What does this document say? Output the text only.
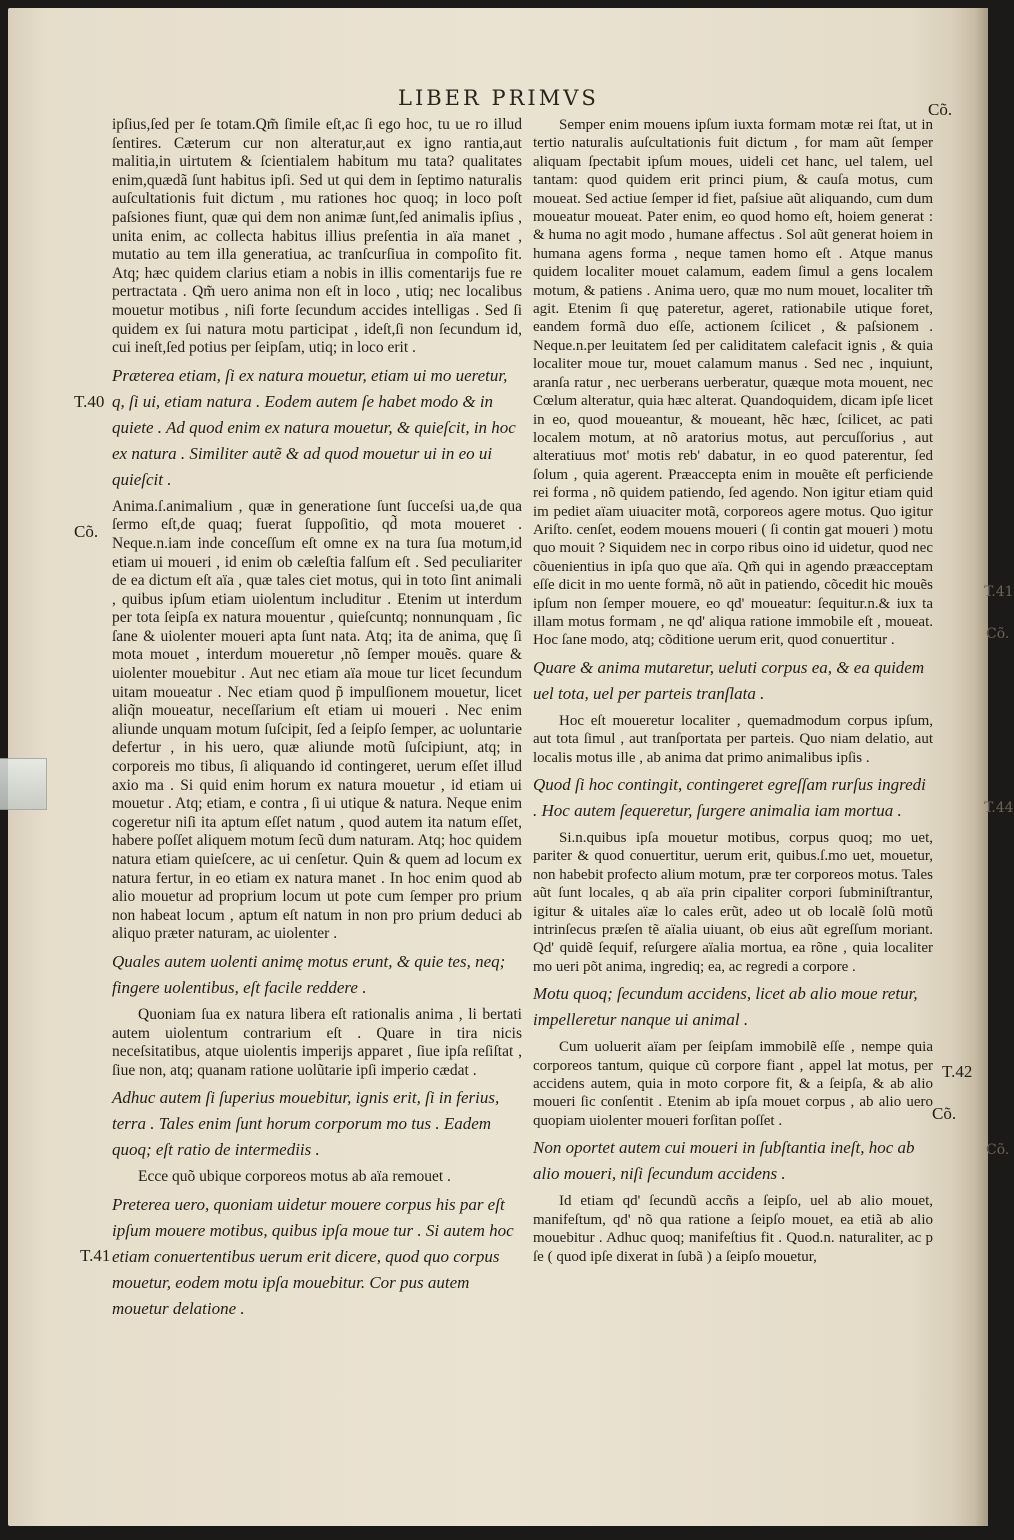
T.41
Cõ.
T.44
Cõ.
LIBER PRIMVS	Cõ.
T.40
Cõ.
T.41
T.42
Cõ.

ipſius,ſed per ſe totam.Qm̃ ſimile eſt,ac ſi ego hoc, tu ue ro illud ſentires. Cæterum cur non alteratur,aut ex igno rantia,aut malitia,in uirtutem & ſcientialem habitum mu tata? qualitates enim,quædã ſunt habitus ipſi. Sed ut qui dem in ſeptimo naturalis auſcultationis fuit dictum , mu rationes hoc quoq; in loco poſt paſsiones fiunt, quæ qui dem non animæ ſunt,ſed animalis ipſius , unita enim, ac collecta habitus illius preſentia in aïa manet , mutatio au tem illa generatiua, ac tranſcurſiua in compoſito fit. Atq; hæc quidem clarius etiam a nobis in illis comentarijs fue re pertractata . Qm̃ uero anima non eſt in loco , utiq; nec localibus mouetur motibus , niſi forte ſecundum accides intelligas . Sed ſi quidem ex ſui natura motu participat , ideſt,ſi non ſecundum id, cui ineſt,ſed potius per ſeipſam, utiq; in loco erit .

Præterea etiam, ſi ex natura mouetur, etiam ui mo ueretur, q, ſi ui, etiam natura . Eodem autem ſe habet modo & in quiete . Ad quod enim ex natura mouetur, & quieſcit, in hoc ex natura . Similiter autẽ & ad quod mouetur ui in eo ui quieſcit .

Anima.ſ.animalium , quæ in generatione ſunt ſucceſsi ua,de qua ſermo eſt,de quaq; fuerat ſuppoſitio, qd̃ mota moueret . Neque.n.iam inde conceſſum eſt omne ex na tura ſua motum,id etiam ui moueri , id enim ob cæleſtia falſum eſt . Sed peculiariter de ea dictum eſt aïa , quæ tales ciet motus, qui in toto ſint animali , quibus ipſum etiam uiolentum includitur . Etenim ut interdum per tota ſeipſa ex natura mouentur , quieſcuntq; nonnunquam , ſic ſane & uiolenter moueri apta ſunt nata. Atq; ita de anima, quę ſi mota mouet , interdum moueretur ,nõ ſemper mouẽs. quare & uiolenter mouebitur . Aut nec etiam aïa moue tur licet ſecundum uitam moueatur . Nec etiam quod p̃ impulſionem mouetur, licet aliq̃n moueatur, neceſſarium eſt etiam ui moueri . Nec enim aliunde unquam motum ſuſcipit, ſed a ſeipſo ſemper, ac uoluntarie defertur , in his uero, quæ aliunde motũ ſuſcipiunt, atq; in corporeis mo tibus, ſi aliquando id contingeret, uerum eſſet illud axio ma . Si quid enim horum ex natura mouetur , id etiam ui mouetur . Atq; etiam, e contra , ſi ui utique & natura. Neque enim cogeretur niſi ita aptum eſſet natum , quod autem ita natum eſſet, habere poſſet aliquem motum ſecũ dum naturam. Atq; hoc quidem natura etiam quieſcere, ac ui cenſetur. Quin & quem ad locum ex natura fertur, in eo etiam ex natura manet . In hoc enim quod ab alio mouetur ad proprium locum ut pote cum ſemper pro prium non habeat locum , aptum eſt natum in non pro prium deduci ab aliquo præter naturam, ac uiolenter .

Quales autem uolenti animę motus erunt, & quie tes, neq; fingere uolentibus, eſt facile reddere .

Quoniam ſua ex natura libera eſt rationalis anima , li bertati autem uiolentum contrarium eſt . Quare in tira nicis neceſsitatibus, atque uiolentis imperijs apparet , ſiue ipſa reſiſtat , ſiue non, atq; quanam ratione uolũtarie ipſi imperio cædat .

Adhuc autem ſi ſuperius mouebitur, ignis erit, ſi in ferius, terra . Tales enim ſunt horum corporum mo tus . Eadem quoq; eſt ratio de intermediis .

Ecce quõ ubique corporeos motus ab aïa remouet .

Preterea uero, quoniam uidetur mouere corpus his par eſt ipſum mouere motibus, quibus ipſa moue tur . Si autem hoc etiam conuertentibus uerum erit dicere, quod quo corpus mouetur, eodem motu ipſa mouebitur. Cor pus autem mouetur delatione .

Semper enim mouens ipſum iuxta formam motæ rei ſtat, ut in tertio naturalis auſcultationis fuit dictum , for mam aũt ſemper aliquam ſpectabit ipſum moues, uideli cet hanc, uel talem, uel tantam: quod quidem erit princi pium, & cauſa motus, cum moueat. Sed actiue ſemper id fiet, paſsiue aũt aliquando, cum dum moueatur moueat. Pater enim, eo quod homo eſt, hoiem generat : & huma no agit modo , humane affectus . Sol aũt generat hoiem in humana agens forma , neque tamen homo eſt . Atque manus quidem localiter mouet calamum, eadem ſimul a gens localem motum, & patiens . Anima uero, quæ mo num mouet, localiter tm̃ agit. Etenim ſi quę pateretur, ageret, rationabile utique foret, eandem formã duo eſſe, actionem ſcilicet , & paſsionem . Neque.n.per leuitatem ſed per caliditatem calefacit ignis , & quia localiter moue tur, mouet calamum manus . Sed nec , inquiunt, aranſa ratur , nec uerberans uerberatur, quæque mota mouent, nec Cœlum alteratur, quia hæc alterat. Quandoquidem, dicam ipſe licet in eo, quod moueantur, & moueant, hẽc hæc, ſcilicet, ac pati localem motum, at nõ aratorius motus, aut percuſſorius , aut alteratiuus mot' motis reb' dabatur, in eo quod paterentur, ſed ſolum , quia agerent. Præaccepta enim in mouẽte eſt perficiende rei forma , nõ quidem patiendo, ſed agendo. Non igitur etiam quid im pediet aïam uiuaciter motã, corporeos agere motus. Quo igitur Ariſto. cenſet, eodem mouens moueri ( ſi contin gat moueri ) motu quo mouit ? Siquidem nec in corpo ribus oino id uidetur, quod nec cõuenientius in ipſa quo que aïa. Qm̃ qui in agendo præacceptam eſſe dicit in mo uente formã, nõ aũt in patiendo, cõcedit hic mouẽs ipſum non ſemper mouere, eo qd' moueatur: ſequitur.n.& iux ta illam motus formam , ne qd' aliqua ratione immobile eſt , moueat. Hoc ſane modo, atq; cõditione uerum erit, quod conuertitur .

Quare & anima mutaretur, ueluti corpus ea, & ea quidem uel tota, uel per parteis tranſlata .

Hoc eſt moueretur localiter , quemadmodum corpus ipſum, aut tota ſimul , aut tranſportata per parteis. Quo niam delatio, aut localis motus ille , ab anima dat primo animalibus ipſis .

Quod ſi hoc contingit, contingeret egreſſam rurſus ingredi . Hoc autem ſequeretur, ſurgere animalia iam mortua .

Si.n.quibus ipſa mouetur motibus, corpus quoq; mo uet, pariter & quod conuertitur, uerum erit, quibus.ſ.mo uet, mouetur, non habebit profecto alium motum, præ ter corporeos motus. Tales aũt ſunt locales, q ab aïa prin cipaliter corpori ſubminiſtrantur, igitur & uitales aïæ lo cales erũt, adeo ut ob localẽ ſolũ motũ intrinſecus præſen tẽ aïalia uiuant, ob eius aũt egreſſum moriant. Qd' quidẽ ſequif, reſurgere aïalia mortua, ea rõne , quia localiter mo ueri põt anima, ingrediq; ea, ac regredi a corpore .

Motu quoq; ſecundum accidens, licet ab alio moue retur, impelleretur nanque ui animal .

Cum uoluerit aïam per ſeipſam immobilẽ eſſe , nempe quia corporeos tantum, quique cũ corpore fiant , appel lat motus, per accidens autem, quia in moto corpore fit, & a ſeipſa, & ab alio moueri ſic conſentit . Etenim ab ipſa mouet corpus , ab alio uero quopiam uiolenter moueri forſitan poſſet .

Non oportet autem cui moueri in ſubſtantia ineſt, hoc ab alio moueri, niſi ſecundum accidens .

Id etiam qd' ſecundũ accñs a ſeipſo, uel ab alio mouet, manifeſtum, qd' nõ qua ratione a ſeipſo mouet, ea etiã ab alio mouebitur . Adhuc quoq; manifeſtius fit . Quod.n. naturaliter, ac p ſe ( quod ipſe dixerat in ſubã ) a ſeipſo mouetur,
